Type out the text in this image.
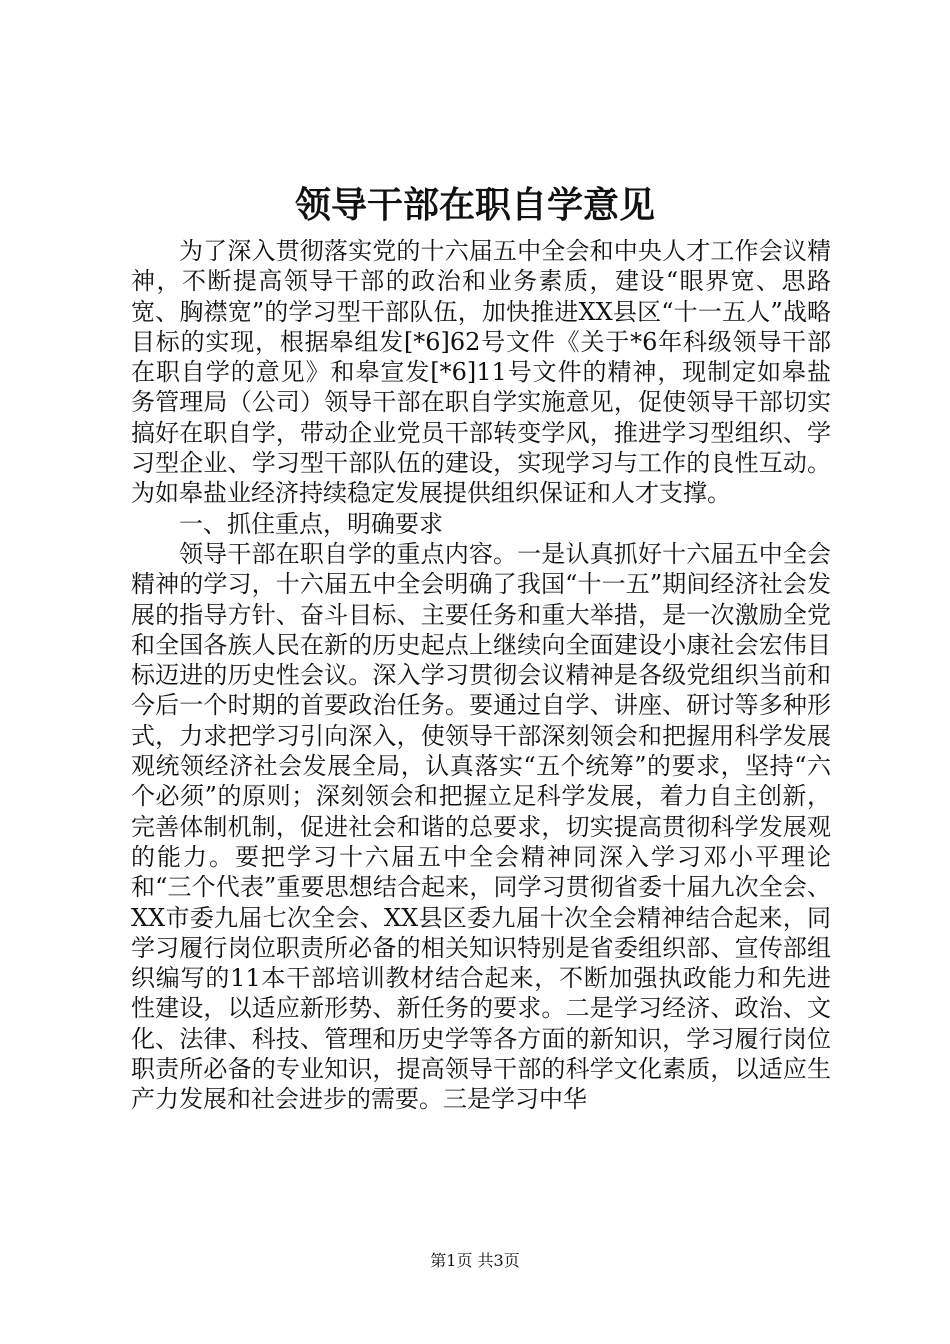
领导干部在职自学意见

为了深入贯彻落实党的十六届五中全会和中央人才工作会议精神，不断提高领导干部的政治和业务素质，建设“眼界宽、思路宽、胸襟宽”的学习型干部队伍，加快推进XX县区“十一五人”战略目标的实现，根据皋组发[*6]62号文件《关于*6年科级领导干部在职自学的意见》和皋宣发[*6]11号文件的精神，现制定如皋盐务管理局（公司）领导干部在职自学实施意见，促使领导干部切实搞好在职自学，带动企业党员干部转变学风，推进学习型组织、学习型企业、学习型干部队伍的建设，实现学习与工作的良性互动。为如皋盐业经济持续稳定发展提供组织保证和人才支撑。

一、抓住重点，明确要求

领导干部在职自学的重点内容。一是认真抓好十六届五中全会精神的学习，十六届五中全会明确了我国“十一五”期间经济社会发展的指导方针、奋斗目标、主要任务和重大举措，是一次激励全党和全国各族人民在新的历史起点上继续向全面建设小康社会宏伟目标迈进的历史性会议。深入学习贯彻会议精神是各级党组织当前和今后一个时期的首要政治任务。要通过自学、讲座、研讨等多种形式，力求把学习引向深入，使领导干部深刻领会和把握用科学发展观统领经济社会发展全局，认真落实“五个统筹”的要求，坚持“六个必须”的原则；深刻领会和把握立足科学发展，着力自主创新，完善体制机制，促进社会和谐的总要求，切实提高贯彻科学发展观的能力。要把学习十六届五中全会精神同深入学习邓小平理论和“三个代表”重要思想结合起来，同学习贯彻省委十届九次全会、XX市委九届七次全会、XX县区委九届十次全会精神结合起来，同学习履行岗位职责所必备的相关知识特别是省委组织部、宣传部组织编写的11本干部培训教材结合起来，不断加强执政能力和先进性建设，以适应新形势、新任务的要求。二是学习经济、政治、文化、法律、科技、管理和历史学等各方面的新知识，学习履行岗位职责所必备的专业知识，提高领导干部的科学文化素质，以适应生产力发展和社会进步的需要。三是学习中华

第1页 共3页
